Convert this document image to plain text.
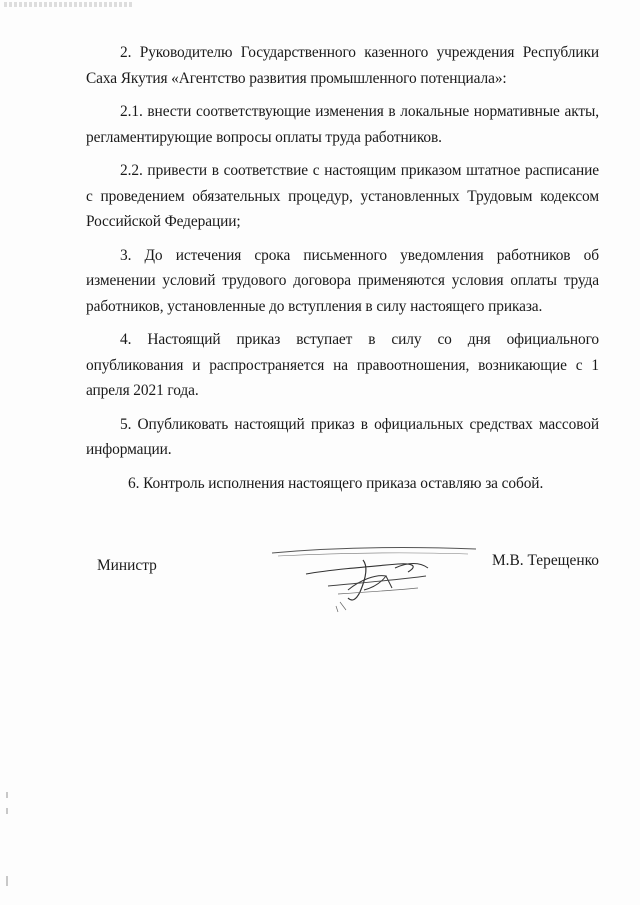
2. Руководителю Государственного казенного учреждения Республики Саха Якутия «Агентство развития промышленного потенциала»:

2.1. внести соответствующие изменения в локальные нормативные акты, регламентирующие вопросы оплаты труда работников.

2.2. привести в соответствие с настоящим приказом штатное расписание с проведением обязательных процедур, установленных Трудовым кодексом Российской Федерации;

3. До истечения срока письменного уведомления работников об изменении условий трудового договора применяются условия оплаты труда работников, установленные до вступления в силу настоящего приказа.

4. Настоящий приказ вступает в силу со дня официального опубликования и распространяется на правоотношения, возникающие с 1 апреля 2021 года.

5. Опубликовать настоящий приказ в официальных средствах массовой информации.

6. Контроль исполнения настоящего приказа оставляю за собой.

Министр	М.В. Терещенко
